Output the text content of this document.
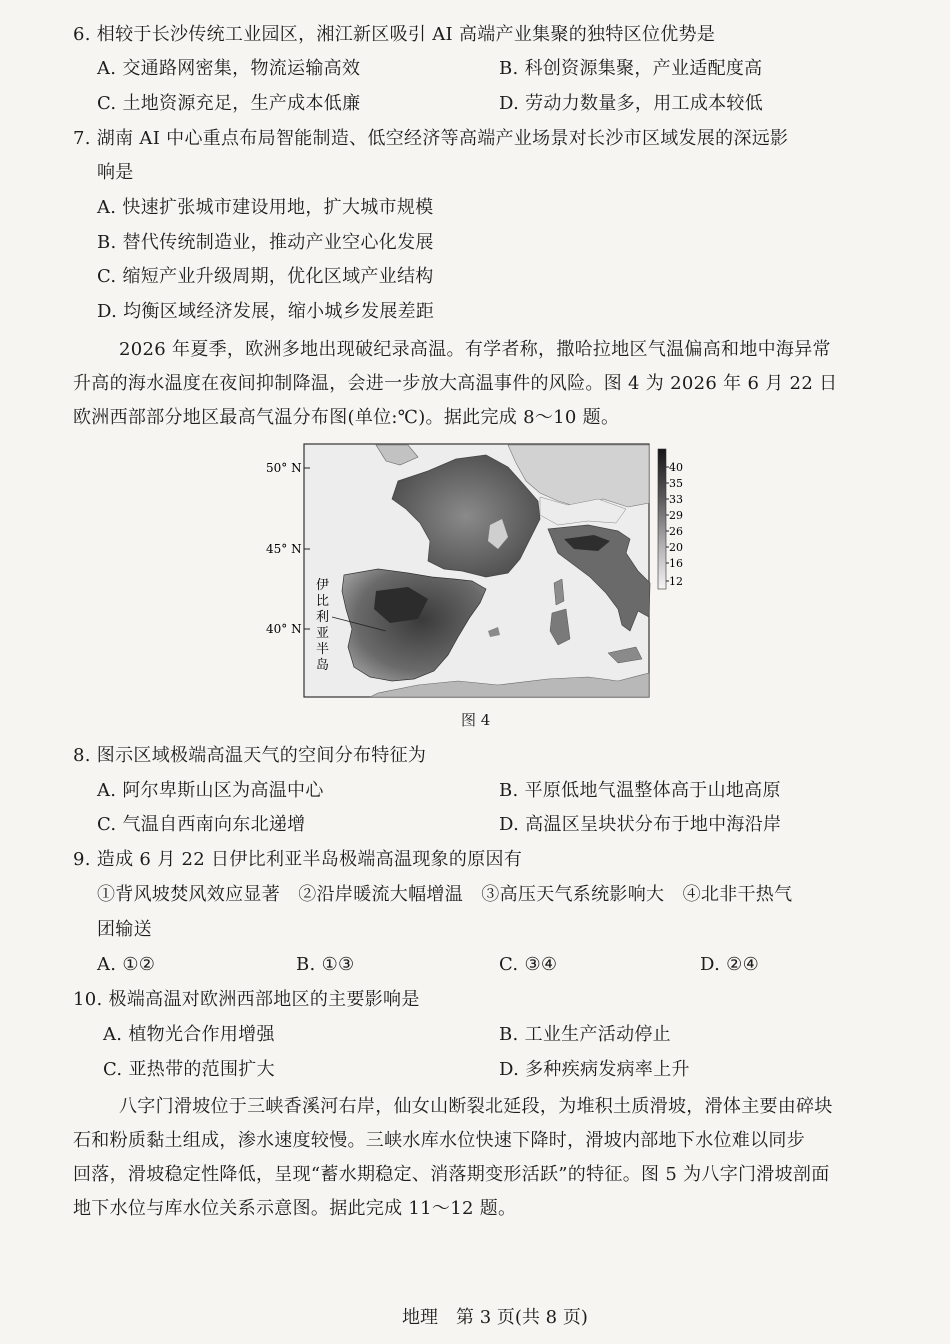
6. 相较于长沙传统工业园区，湘江新区吸引 AI 高端产业集聚的独特区位优势是
A. 交通路网密集，物流运输高效	B. 科创资源集聚，产业适配度高
C. 土地资源充足，生产成本低廉	D. 劳动力数量多，用工成本较低
7. 湖南 AI 中心重点布局智能制造、低空经济等高端产业场景对长沙市区域发展的深远影
响是
A. 快速扩张城市建设用地，扩大城市规模
B. 替代传统制造业，推动产业空心化发展
C. 缩短产业升级周期，优化区域产业结构
D. 均衡区域经济发展，缩小城乡发展差距
2026 年夏季，欧洲多地出现破纪录高温。有学者称，撒哈拉地区气温偏高和地中海异常
升高的海水温度在夜间抑制降温，会进一步放大高温事件的风险。图 4 为 2026 年 6 月 22 日
欧洲西部部分地区最高气温分布图(单位:℃)。据此完成 8～10 题。
50° N
45° N
40° N
伊
比
利
亚
半
岛
40
35
33
29
26
20
16
12
图 4
8. 图示区域极端高温天气的空间分布特征为
A. 阿尔卑斯山区为高温中心	B. 平原低地气温整体高于山地高原
C. 气温自西南向东北递增	D. 高温区呈块状分布于地中海沿岸
9. 造成 6 月 22 日伊比利亚半岛极端高温现象的原因有
①背风坡焚风效应显著　②沿岸暖流大幅增温　③高压天气系统影响大　④北非干热气
团输送
A. ①②	B. ①③	C. ③④	D. ②④
10. 极端高温对欧洲西部地区的主要影响是
A. 植物光合作用增强	B. 工业生产活动停止
C. 亚热带的范围扩大	D. 多种疾病发病率上升
八字门滑坡位于三峡香溪河右岸，仙女山断裂北延段，为堆积土质滑坡，滑体主要由碎块
石和粉质黏土组成，渗水速度较慢。三峡水库水位快速下降时，滑坡内部地下水位难以同步
回落，滑坡稳定性降低，呈现“蓄水期稳定、消落期变形活跃”的特征。图 5 为八字门滑坡剖面
地下水位与库水位关系示意图。据此完成 11～12 题。
地理　第 3 页(共 8 页)
